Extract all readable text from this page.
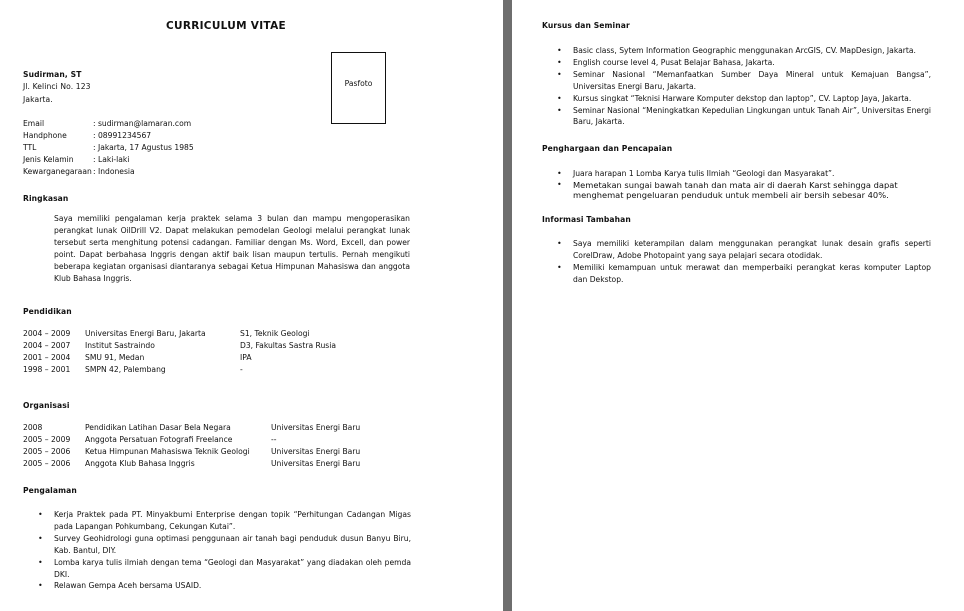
CURRICULUM VITAE
Pasfoto
Sudirman, ST
Jl. Kelinci No. 123
Jakarta.
Email	: sudirman@lamaran.com
Handphone	: 08991234567
TTL	: Jakarta, 17 Agustus 1985
Jenis Kelamin	: Laki-laki
Kewarganegaraan	: Indonesia
Ringkasan
Saya memiliki pengalaman kerja praktek selama 3 bulan dan mampu mengoperasikan perangkat lunak OilDrill V2. Dapat melakukan pemodelan Geologi melalui perangkat lunak tersebut serta menghitung potensi cadangan. Familiar dengan Ms. Word, Excell, dan power point. Dapat berbahasa Inggris dengan aktif baik lisan maupun tertulis. Pernah mengikuti beberapa kegiatan organisasi diantaranya sebagai Ketua Himpunan Mahasiswa dan anggota Klub Bahasa Inggris.
Pendidikan
2004 – 2009	Universitas Energi Baru, Jakarta	S1, Teknik Geologi
2004 – 2007	Institut Sastraindo	D3, Fakultas Sastra Rusia
2001 – 2004	SMU 91, Medan	IPA
1998 – 2001	SMPN 42, Palembang	-
Organisasi
2008	Pendidikan Latihan Dasar Bela Negara	Universitas Energi Baru
2005 – 2009	Anggota Persatuan Fotografi Freelance	--
2005 – 2006	Ketua Himpunan Mahasiswa Teknik Geologi	Universitas Energi Baru
2005 – 2006	Anggota Klub Bahasa Inggris	Universitas Energi Baru
Pengalaman
• Kerja Praktek pada PT. Minyakbumi Enterprise dengan topik “Perhitungan Cadangan Migas pada Lapangan Pohkumbang, Cekungan Kutai”.
• Survey Geohidrologi guna optimasi penggunaan air tanah bagi penduduk dusun Banyu Biru, Kab. Bantul, DIY.
• Lomba karya tulis ilmiah dengan tema “Geologi dan Masyarakat” yang diadakan oleh pemda DKI.
• Relawan Gempa Aceh bersama USAID.
Kursus dan Seminar
• Basic class, Sytem Information Geographic menggunakan ArcGIS, CV. MapDesign, Jakarta.
• English course level 4, Pusat Belajar Bahasa, Jakarta.
• Seminar Nasional “Memanfaatkan Sumber Daya Mineral untuk Kemajuan Bangsa”, Universitas Energi Baru, Jakarta.
• Kursus singkat “Teknisi Harware Komputer dekstop dan laptop”, CV. Laptop Jaya, Jakarta.
• Seminar Nasional “Meningkatkan Kepedulian Lingkungan untuk Tanah Air”, Universitas Energi Baru, Jakarta.
Penghargaan dan Pencapaian
• Juara harapan 1 Lomba Karya tulis Ilmiah “Geologi dan Masyarakat”.
• Memetakan sungai bawah tanah dan mata air di daerah Karst sehingga dapat menghemat pengeluaran penduduk untuk membeli air bersih sebesar 40%.
Informasi Tambahan
• Saya memiliki keterampilan dalam menggunakan perangkat lunak desain grafis seperti CorelDraw, Adobe Photopaint yang saya pelajari secara otodidak.
• Memiliki kemampuan untuk merawat dan memperbaiki perangkat keras komputer Laptop dan Dekstop.
